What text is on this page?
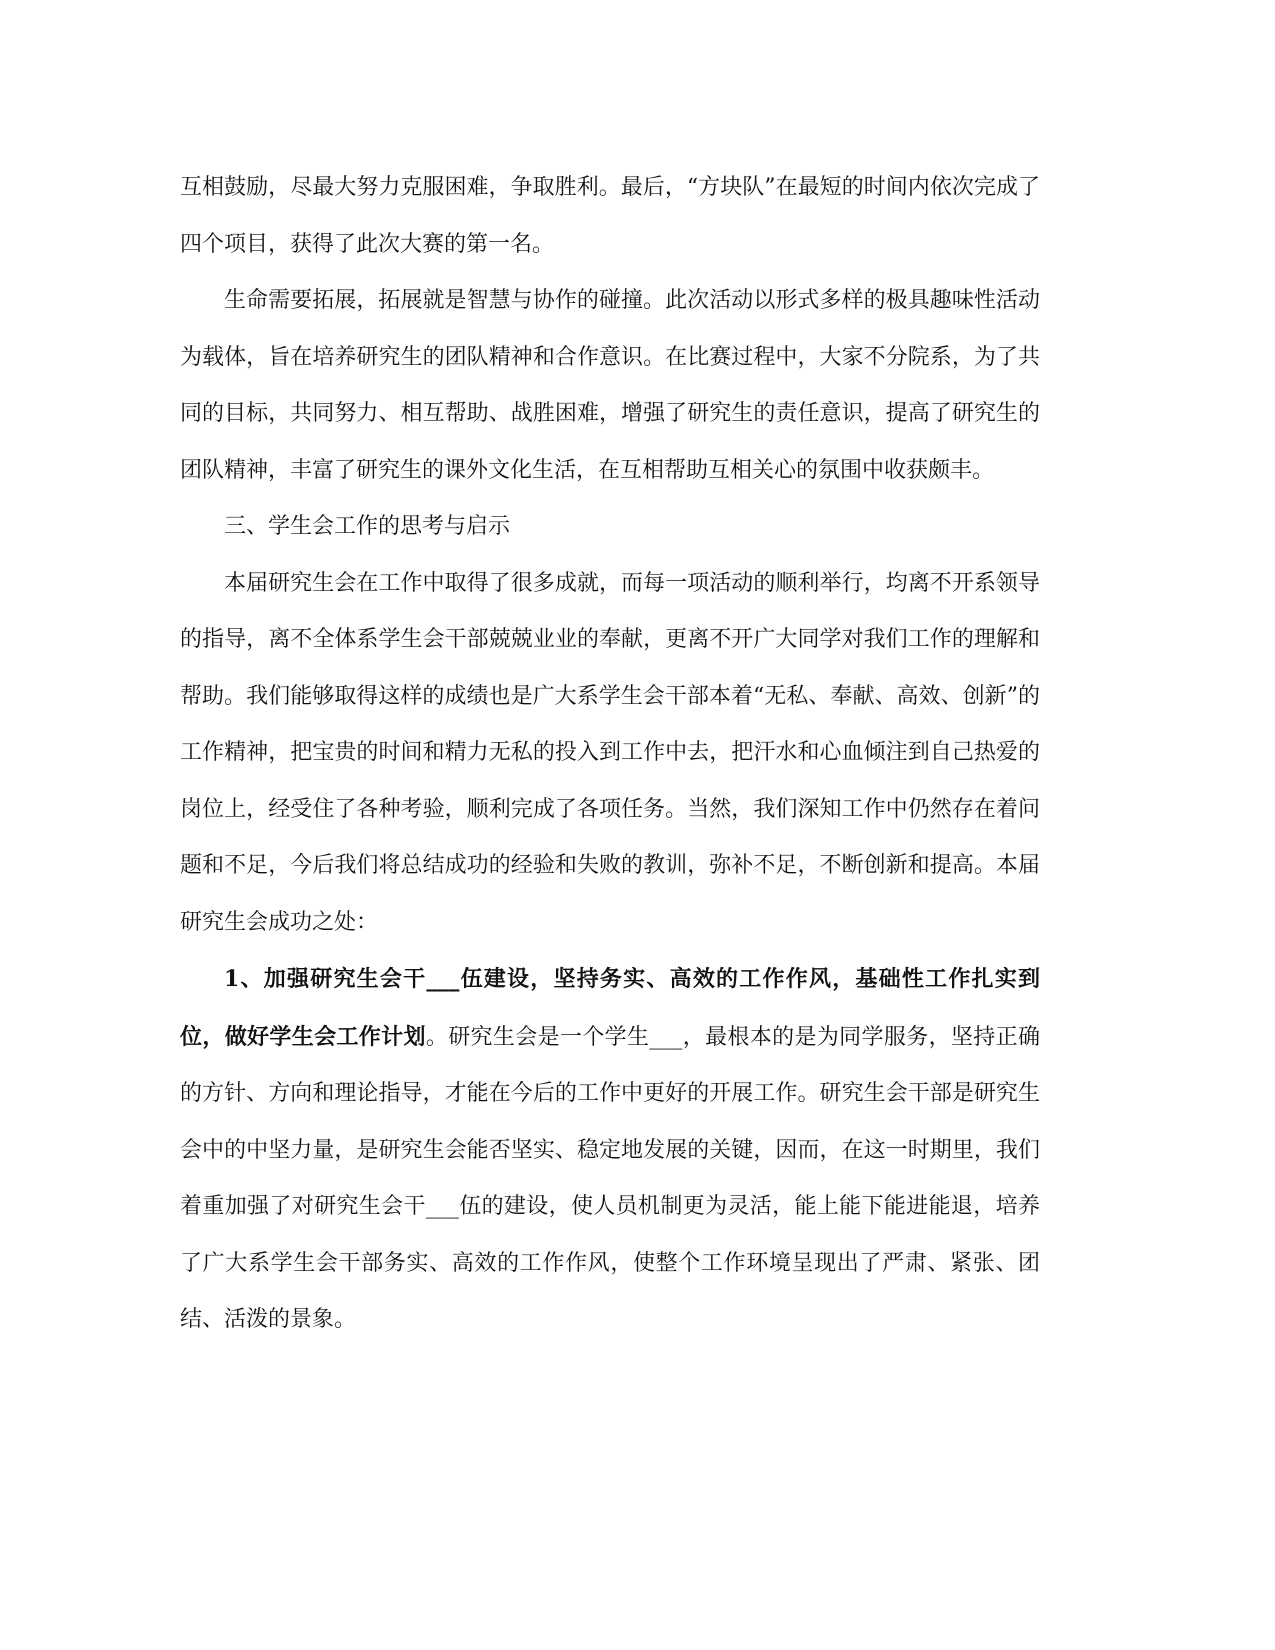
互相鼓励，尽最大努力克服困难，争取胜利。最后，“方块队”在最短的时间内依次完成了四个项目，获得了此次大赛的第一名。

生命需要拓展，拓展就是智慧与协作的碰撞。此次活动以形式多样的极具趣味性活动为载体，旨在培养研究生的团队精神和合作意识。在比赛过程中，大家不分院系，为了共同的目标，共同努力、相互帮助、战胜困难，增强了研究生的责任意识，提高了研究生的团队精神，丰富了研究生的课外文化生活，在互相帮助互相关心的氛围中收获颇丰。

三、学生会工作的思考与启示

本届研究生会在工作中取得了很多成就，而每一项活动的顺利举行，均离不开系领导的指导，离不全体系学生会干部兢兢业业的奉献，更离不开广大同学对我们工作的理解和帮助。我们能够取得这样的成绩也是广大系学生会干部本着“无私、奉献、高效、创新”的工作精神，把宝贵的时间和精力无私的投入到工作中去，把汗水和心血倾注到自己热爱的岗位上，经受住了各种考验，顺利完成了各项任务。当然，我们深知工作中仍然存在着问题和不足，今后我们将总结成功的经验和失败的教训，弥补不足，不断创新和提高。本届研究生会成功之处：

1、加强研究生会干___伍建设，坚持务实、高效的工作作风，基础性工作扎实到位，做好学生会工作计划。研究生会是一个学生___，最根本的是为同学服务，坚持正确的方针、方向和理论指导，才能在今后的工作中更好的开展工作。研究生会干部是研究生会中的中坚力量，是研究生会能否坚实、稳定地发展的关键，因而，在这一时期里，我们着重加强了对研究生会干___伍的建设，使人员机制更为灵活，能上能下能进能退，培养了广大系学生会干部务实、高效的工作作风，使整个工作环境呈现出了严肃、紧张、团结、活泼的景象。
